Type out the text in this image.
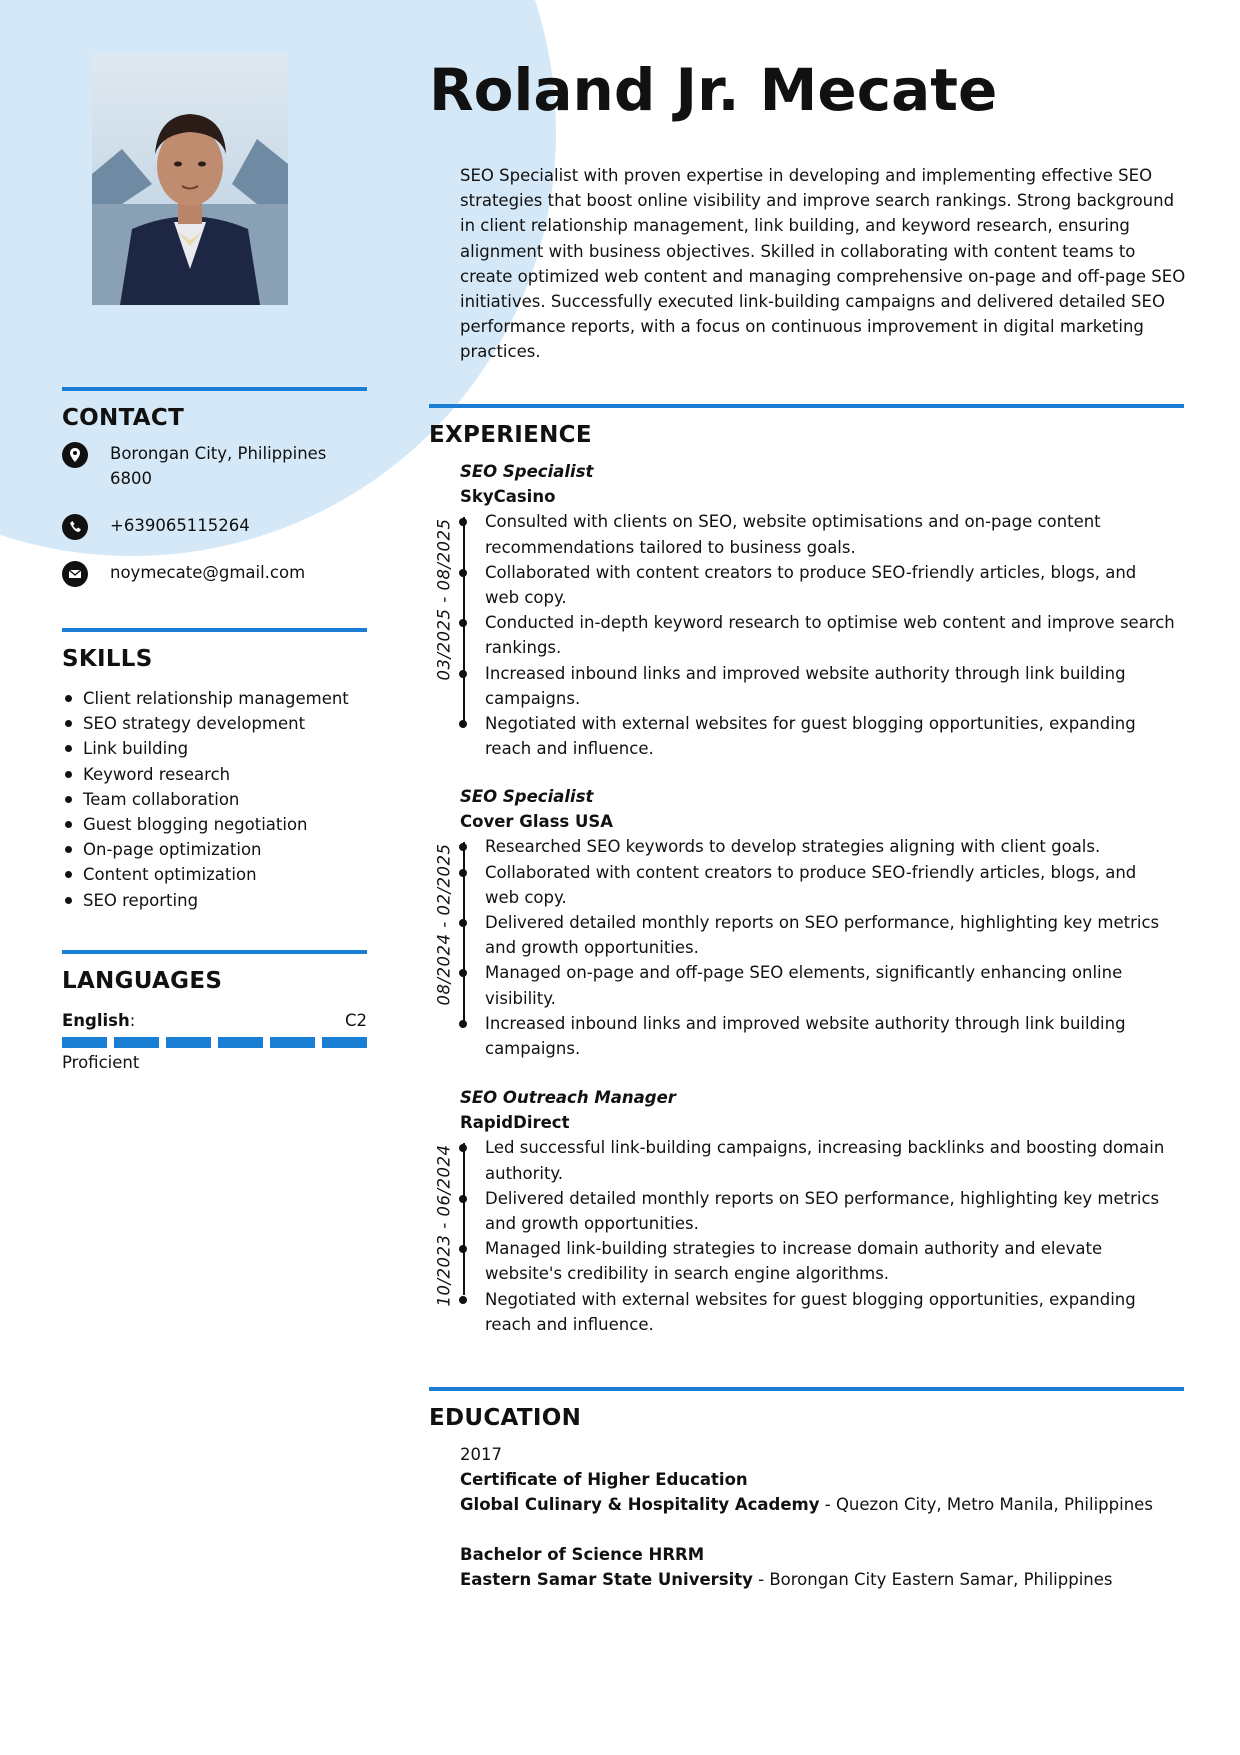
Roland Jr. Mecate
SEO Specialist with proven expertise in developing and implementing effective SEO strategies that boost online visibility and improve search rankings. Strong background in client relationship management, link building, and keyword research, ensuring alignment with business objectives. Skilled in collaborating with content teams to create optimized web content and managing comprehensive on-page and off-page SEO initiatives. Successfully executed link-building campaigns and delivered detailed SEO performance reports, with a focus on continuous improvement in digital marketing practices.
CONTACT
Borongan City, Philippines
6800
+639065115264
noymecate@gmail.com
SKILLS
Client relationship management
SEO strategy development
Link building
Keyword research
Team collaboration
Guest blogging negotiation
On-page optimization
Content optimization
SEO reporting
LANGUAGES
English:	C2
Proficient
EXPERIENCE
SEO Specialist
SkyCasino
03/2025 - 08/2025 Consulted with clients on SEO, website optimisations and on-page content recommendations tailored to business goals.
Collaborated with content creators to produce SEO-friendly articles, blogs, and web copy.
Conducted in-depth keyword research to optimise web content and improve search rankings.
Increased inbound links and improved website authority through link building campaigns.
Negotiated with external websites for guest blogging opportunities, expanding reach and influence.
SEO Specialist
Cover Glass USA
08/2024 - 02/2025 Researched SEO keywords to develop strategies aligning with client goals.
Collaborated with content creators to produce SEO-friendly articles, blogs, and web copy.
Delivered detailed monthly reports on SEO performance, highlighting key metrics and growth opportunities.
Managed on-page and off-page SEO elements, significantly enhancing online visibility.
Increased inbound links and improved website authority through link building campaigns.
SEO Outreach Manager
RapidDirect
10/2023 - 06/2024 Led successful link-building campaigns, increasing backlinks and boosting domain authority.
Delivered detailed monthly reports on SEO performance, highlighting key metrics and growth opportunities.
Managed link-building strategies to increase domain authority and elevate website's credibility in search engine algorithms.
Negotiated with external websites for guest blogging opportunities, expanding reach and influence.
EDUCATION
2017
Certificate of Higher Education
Global Culinary & Hospitality Academy - Quezon City, Metro Manila, Philippines
Bachelor of Science HRRM
Eastern Samar State University - Borongan City Eastern Samar, Philippines
